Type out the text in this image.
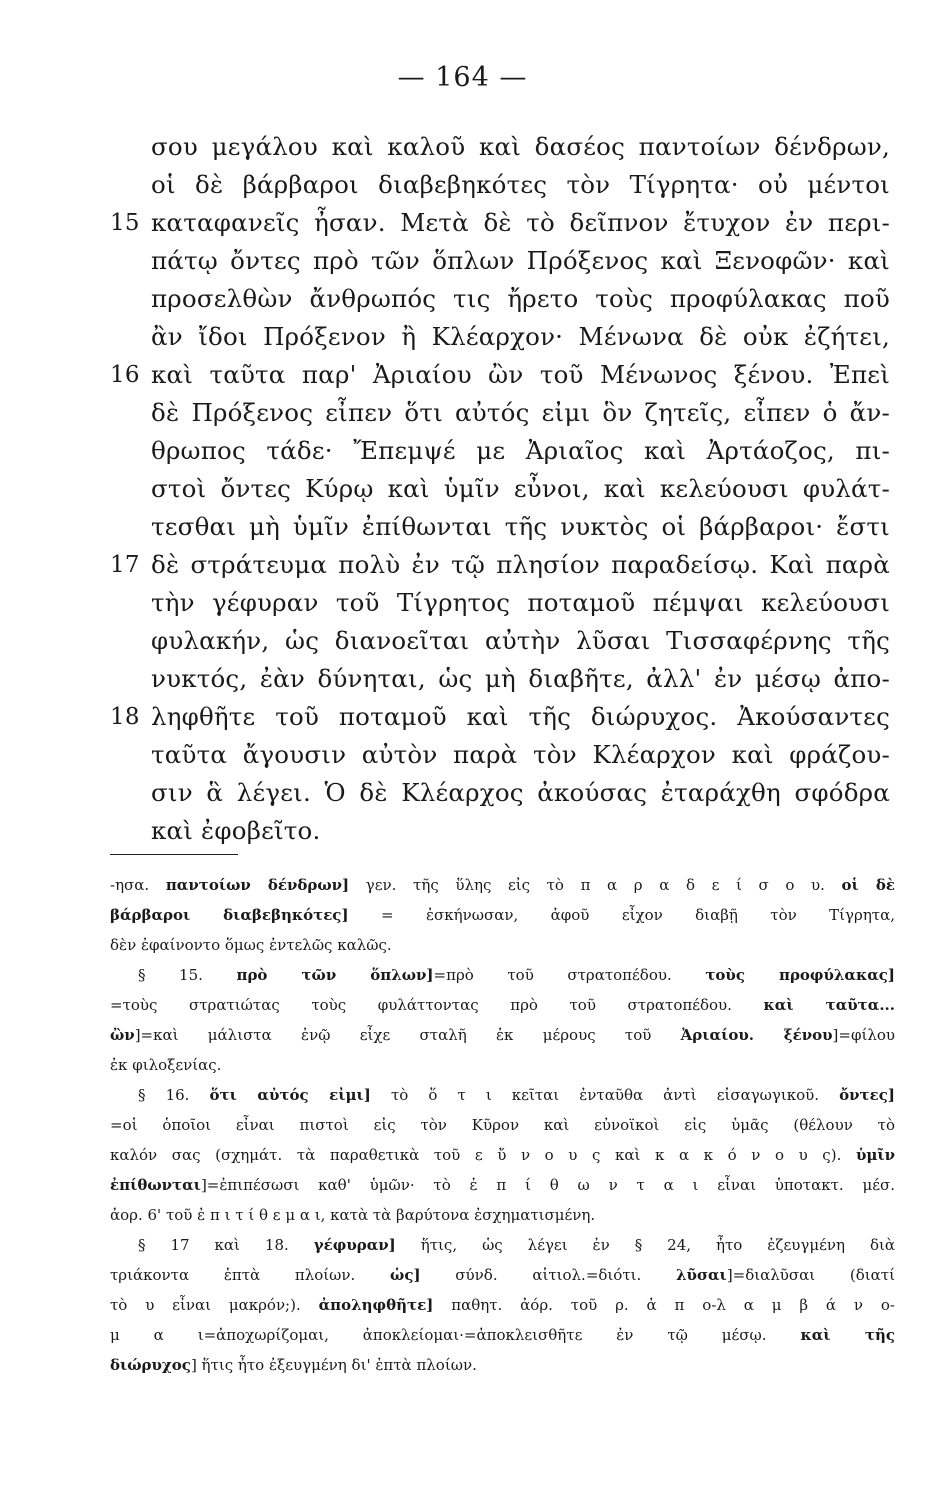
— 164 —
σου μεγάλου καὶ καλοῦ καὶ δασέος παντοίων δένδρων,
οἱ δὲ βάρβαροι διαβεβηκότες τὸν Τίγρητα· οὐ μέντοι
15 καταφανεῖς ἦσαν. Μετὰ δὲ τὸ δεῖπνον ἔτυχον ἐν περι-
πάτῳ ὄντες πρὸ τῶν ὅπλων Πρόξενος καὶ Ξενοφῶν· καὶ
προσελθὼν ἄνθρωπός τις ἤρετο τοὺς προφύλακας ποῦ
ἂν ἴδοι Πρόξενον ἢ Κλέαρχον· Μένωνα δὲ οὐκ ἐζήτει,
16 καὶ ταῦτα παρ' Ἀριαίου ὢν τοῦ Μένωνος ξένου. Ἐπεὶ
δὲ Πρόξενος εἶπεν ὅτι αὐτός εἰμι ὃν ζητεῖς, εἶπεν ὁ ἄν-
θρωπος τάδε· Ἔπεμψέ με Ἀριαῖος καὶ Ἀρτάοζος, πι-
στοὶ ὄντες Κύρῳ καὶ ὑμῖν εὖνοι, καὶ κελεύουσι φυλάτ-
τεσθαι μὴ ὑμῖν ἐπίθωνται τῆς νυκτὸς οἱ βάρβαροι· ἔστι
17 δὲ στράτευμα πολὺ ἐν τῷ πλησίον παραδείσῳ. Καὶ παρὰ
τὴν γέφυραν τοῦ Τίγρητος ποταμοῦ πέμψαι κελεύουσι
φυλακήν, ὡς διανοεῖται αὐτὴν λῦσαι Τισσαφέρνης τῆς
νυκτός, ἐὰν δύνηται, ὡς μὴ διαβῆτε, ἀλλ' ἐν μέσῳ ἀπο-
18 ληφθῆτε τοῦ ποταμοῦ καὶ τῆς διώρυχος. Ἀκούσαντες
ταῦτα ἄγουσιν αὐτὸν παρὰ τὸν Κλέαρχον καὶ φράζου-
σιν ἃ λέγει. Ὁ δὲ Κλέαρχος ἀκούσας ἐταράχθη σφόδρα
καὶ ἐφοβεῖτο.
-ησα. παντοίων δένδρων] γεν. τῆς ὕλης εἰς τὸ π α ρ α δ ε ί σ ο υ. οἱ δὲ
βάρβαροι διαβεβηκότες] = ἐσκήνωσαν, ἀφοῦ εἶχον διαβῇ τὸν Τίγρητα,
δὲν ἐφαίνοντο ὅμως ἐντελῶς καλῶς.
§ 15. πρὸ τῶν ὅπλων]=πρὸ τοῦ στρατοπέδου. τοὺς προφύλακας]
=τοὺς στρατιώτας τοὺς φυλάττοντας πρὸ τοῦ στρατοπέδου. καὶ ταῦτα...
ὢν]=καὶ μάλιστα ἐνῷ εἶχε σταλῆ ἐκ μέρους τοῦ Ἀριαίου. ξένου]=φίλου
ἐκ φιλοξενίας.
§ 16. ὅτι αὐτός εἰμι] τὸ ὅ τ ι κεῖται ἐνταῦθα ἀντὶ εἰσαγωγικοῦ. ὄντες]
=οἱ ὁποῖοι εἶναι πιστοὶ εἰς τὸν Κῦρον καὶ εὐνοϊκοὶ εἰς ὑμᾶς (θέλουν τὸ
καλόν σας (σχημάτ. τὰ παραθετικὰ τοῦ ε ὔ ν ο υ ς καὶ κ α κ ό ν ο υ ς). ὑμῖν
ἐπίθωνται]=ἐπιπέσωσι καθ' ὑμῶν· τὸ ἐ π ί θ ω ν τ α ι εἶναι ὑποτακτ. μέσ.
ἀορ. 6' τοῦ ἐ π ι τ ί θ ε μ α ι, κατὰ τὰ βαρύτονα ἐσχηματισμένη.
§ 17 καὶ 18. γέφυραν] ἥτις, ὡς λέγει ἐν § 24, ἦτο ἐζευγμένη διὰ
τριάκοντα ἑπτὰ πλοίων. ὡς] σύνδ. αἰτιολ.=διότι. λῦσαι]=διαλῦσαι (διατί
τὸ υ εἶναι μακρόν;). ἀποληφθῆτε] παθητ. ἀόρ. τοῦ ρ. ἀ π ο-λ α μ β ά ν ο-
μ α ι=ἀποχωρίζομαι, ἀποκλείομαι·=ἀποκλεισθῆτε ἐν τῷ μέσῳ. καὶ τῆς
διώρυχος] ἥτις ἦτο ἐξευγμένη δι' ἑπτὰ πλοίων.
